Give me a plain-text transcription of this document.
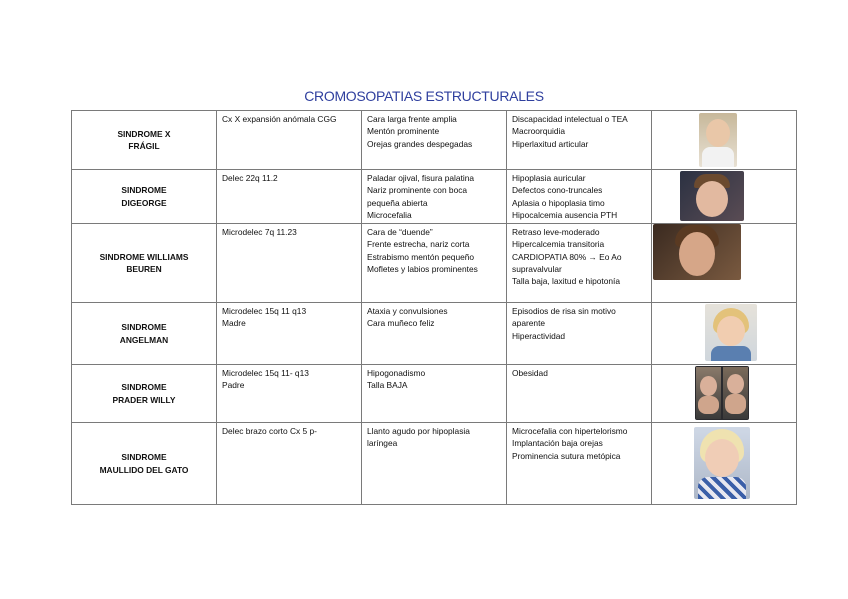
CROMOSOPATIAS ESTRUCTURALES
SINDROME X
FRÁGIL	Cx X expansión anómala CGG	Cara larga frente amplia
Mentón prominente
Orejas grandes despegadas	Discapacidad intelectual o TEA
Macroorquidia
Hiperlaxitud articular	

SINDROME
DIGEORGE	Delec 22q 11.2	Paladar ojival, fisura palatina
Nariz prominente con boca
pequeña abierta
Microcefalia	Hipoplasia auricular
Defectos cono-truncales
Aplasia o hipoplasia timo
Hipocalcemia ausencia PTH	

SINDROME WILLIAMS
BEUREN	Microdelec 7q 11.23	Cara de “duende”
Frente estrecha, nariz corta
Estrabismo mentón pequeño
Mofletes y labios prominentes	Retraso leve-moderado
Hipercalcemia transitoria
CARDIOPATIA 80% → Eo Ao
supravalvular
Talla baja, laxitud e hipotonía	

SINDROME
ANGELMAN	Microdelec 15q 11 q13
Madre	Ataxia y convulsiones
Cara muñeco feliz	Episodios de risa sin motivo
aparente
Hiperactividad	

SINDROME
PRADER WILLY	Microdelec 15q 11- q13
Padre	Hipogonadismo
Talla BAJA	Obesidad	

SINDROME
MAULLIDO DEL GATO	Delec brazo corto Cx 5 p-	Llanto agudo por hipoplasia
laríngea	Microcefalia con hipertelorismo
Implantación baja orejas
Prominencia sutura metópica	
